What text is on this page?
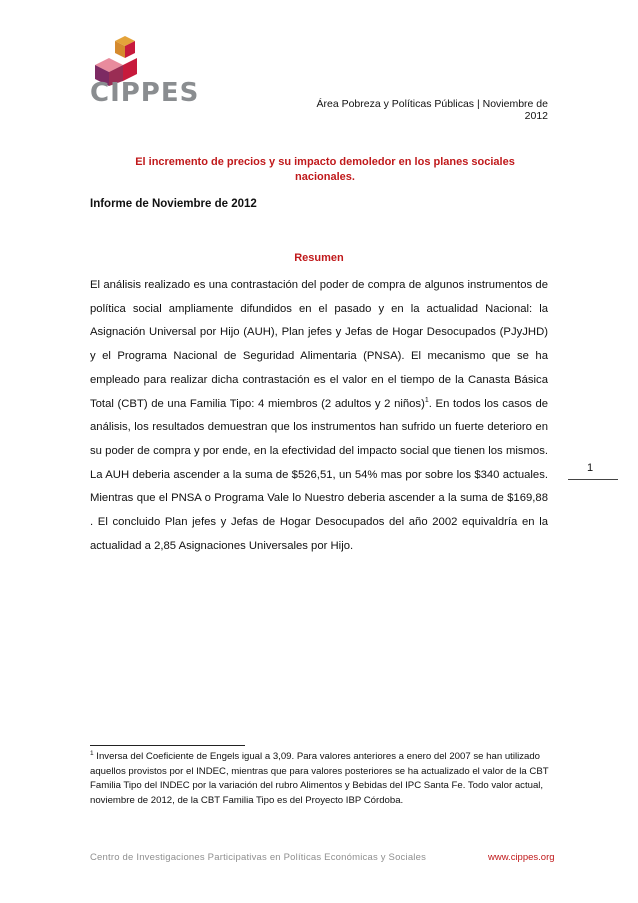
CIPPES	Área Pobreza y Políticas Públicas | Noviembre de 2012
El incremento de precios y su impacto demoledor en los planes sociales nacionales.
Informe de Noviembre de 2012
Resumen

El análisis realizado es una contrastación del poder de compra de algunos instrumentos de política social ampliamente difundidos en el pasado y en la actualidad Nacional: la Asignación Universal por Hijo (AUH), Plan jefes y Jefas de Hogar Desocupados (PJyJHD) y el Programa Nacional de Seguridad Alimentaria (PNSA). El mecanismo que se ha empleado para realizar dicha contrastación es el valor en el tiempo de la Canasta Básica Total (CBT) de una Familia Tipo: 4 miembros (2 adultos y 2 niños)$^1$. En todos los casos de análisis, los resultados demuestran que los instrumentos han sufrido un fuerte deterioro en su poder de compra y por ende, en la efectividad del impacto social que tienen los mismos. La AUH deberia ascender a la suma de $526,51, un 54% mas por sobre los $340 actuales. Mientras que el PNSA o Programa Vale lo Nuestro deberia ascender a la suma de $169,88 . El concluido Plan jefes y Jefas de Hogar Desocupados del año 2002 equivaldría en la actualidad a 2,85 Asignaciones Universales por Hijo.

1

$^1$ Inversa del Coeficiente de Engels igual a 3,09. Para valores anteriores a enero del 2007 se han utilizado aquellos provistos por el INDEC, mientras que para valores posteriores se ha actualizado el valor de la CBT Familia Tipo del INDEC por la variación del rubro Alimentos y Bebidas del IPC Santa Fe. Todo valor actual, noviembre de 2012, de la CBT Familia Tipo es del Proyecto IBP Córdoba.

Centro de Investigaciones Participativas en Políticas Económicas y Sociales	www.cippes.org
